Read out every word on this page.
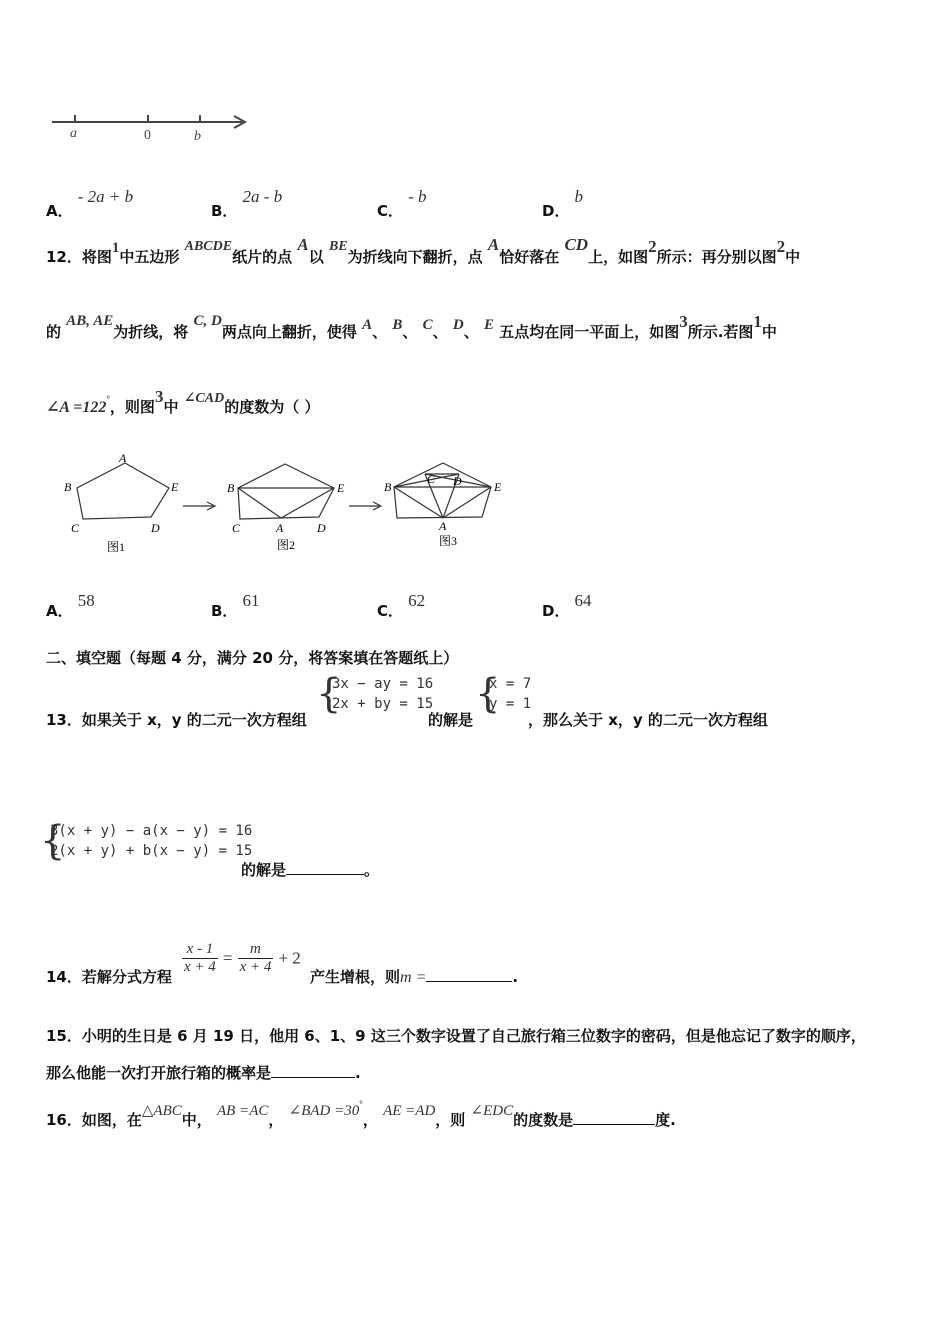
a	0	b
A． - 2a + b
B． 2a - b
C． - b
D． b
12．将图1中五边形 ABCDE纸片的点 A以 BE为折线向下翻折，点 A恰好落在 CD上，如图2所示：再分别以图2中
的 AB, AE为折线，将 C, D两点向上翻折，使得 A、 B、 C、 D、 E 五点均在同一平面上，如图3所示.若图1中
∠A =122°，则图3中 ∠CAD的度数为（ ）
A
B	E
C	D
图1
B	E
C	A	D
图2
B
C D	E
A
图3
A． 58
B． 61
C． 62
D． 64
二、填空题（每题 4 分，满分 20 分，将答案填在答题纸上）
13．如果关于 x，y 的二元一次方程组
{
3x − ay = 16
2x + by = 15
的解是
{
x = 7
y = 1
，那么关于 x，y 的二元一次方程组
{
3(x + y) − a(x − y) = 16
2(x + y) + b(x − y) = 15
的解是	。
14．若解分式方程
$\frac{x - 1}{x + 4} = \frac{m}{x + 4} + 2$
产生增根，则m =	.
15．小明的生日是 6 月 19 日，他用 6、1、9 这三个数字设置了自己旅行箱三位数字的密码，但是他忘记了数字的顺序，
那么他能一次打开旅行箱的概率是	.
16．如图，在△ABC中， AB =AC， ∠BAD =30°， AE =AD，则 ∠EDC的度数是	度.
